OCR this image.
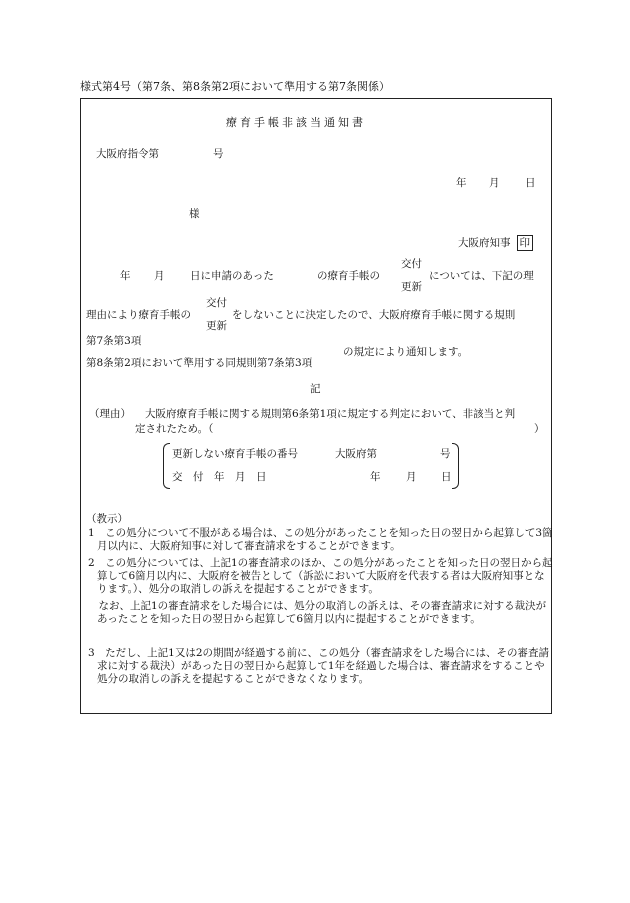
様式第4号（第7条、第8条第2項において準用する第7条関係）
療育手帳非該当通知書
大阪府指令第	号
年 月 日
様
大阪府知事 印
年 月 日に申請のあった	の療育手帳の
交付
更新
については、下記の理
理由により療育手帳の
交付
更新
をしないことに決定したので、大阪府療育手帳に関する規則
第7条第3項
第8条第2項において準用する同規則第7条第3項
の規定により通知します。
記
（理由） 大阪府療育手帳に関する規則第6条第1項に規定する判定において、非該当と判
定されたため。（	）
更新しない療育手帳の番号	大阪府第	号
交　付　年　月　日	年 月 日
（教示）
1　この処分について不服がある場合は、この処分があったことを知った日の翌日から起算して3箇月以内に、大阪府知事に対して審査請求をすることができます。
2　この処分については、上記1の審査請求のほか、この処分があったことを知った日の翌日から起算して6箇月以内に、大阪府を被告として（訴訟において大阪府を代表する者は大阪府知事となります。）、処分の取消しの訴えを提起することができます。
　なお、上記1の審査請求をした場合には、処分の取消しの訴えは、その審査請求に対する裁決があったことを知った日の翌日から起算して6箇月以内に提起することができます。
3　ただし、上記1又は2の期間が経過する前に、この処分（審査請求をした場合には、その審査請求に対する裁決）があった日の翌日から起算して1年を経過した場合は、審査請求をすることや処分の取消しの訴えを提起することができなくなります。
